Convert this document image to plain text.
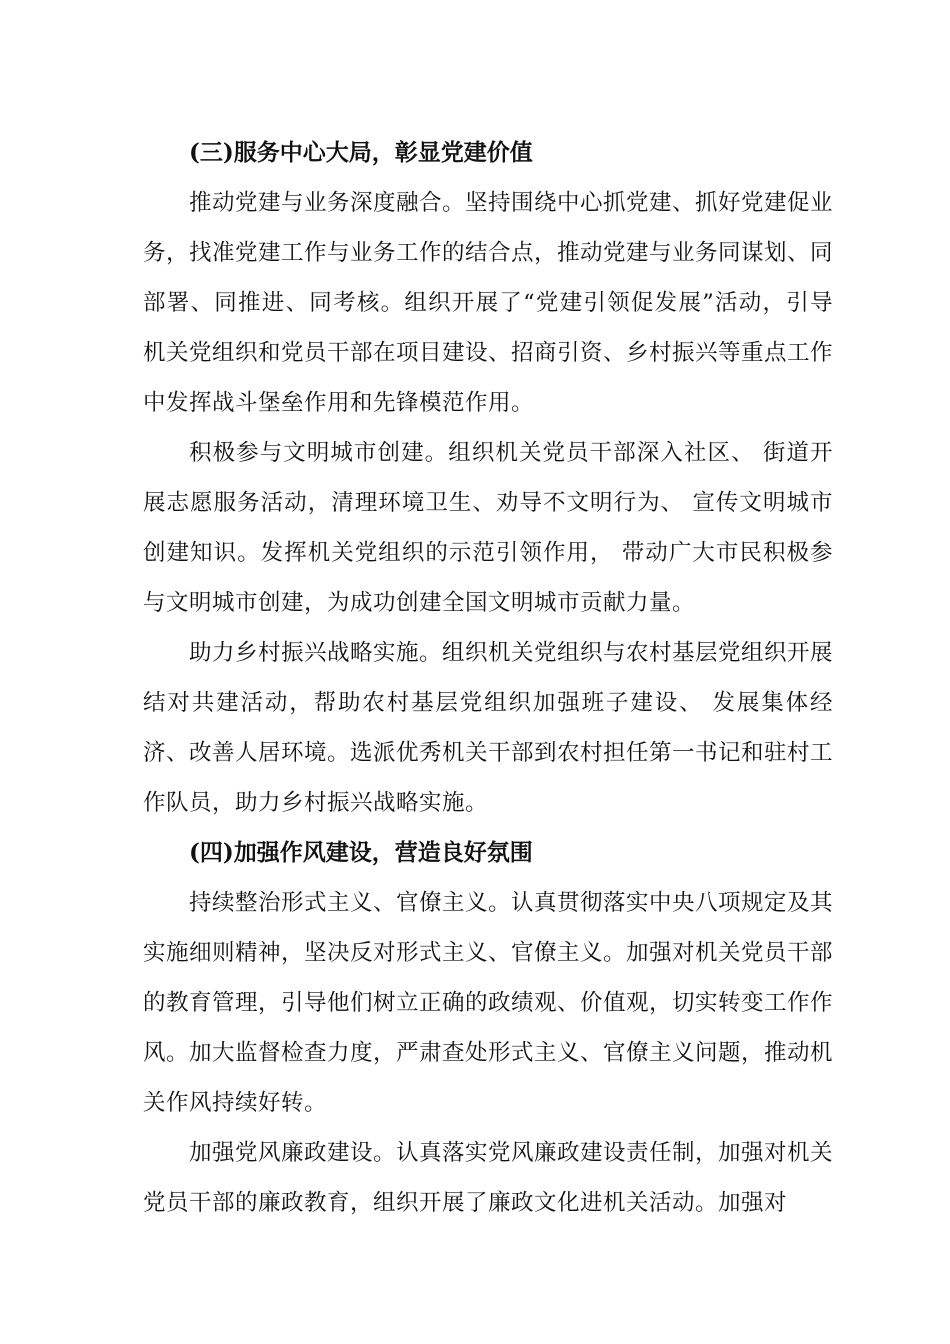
(三)服务中心大局，彰显党建价值

推动党建与业务深度融合。坚持围绕中心抓党建、抓好党建促业务，找准党建工作与业务工作的结合点，推动党建与业务同谋划、同部署、同推进、同考核。组织开展了“党建引领促发展”活动，引导机关党组织和党员干部在项目建设、招商引资、乡村振兴等重点工作中发挥战斗堡垒作用和先锋模范作用。

积极参与文明城市创建。组织机关党员干部深入社区、 街道开展志愿服务活动，清理环境卫生、劝导不文明行为、 宣传文明城市创建知识。发挥机关党组织的示范引领作用， 带动广大市民积极参与文明城市创建，为成功创建全国文明城市贡献力量。

助力乡村振兴战略实施。组织机关党组织与农村基层党组织开展结对共建活动，帮助农村基层党组织加强班子建设、 发展集体经济、改善人居环境。选派优秀机关干部到农村担任第一书记和驻村工作队员，助力乡村振兴战略实施。

(四)加强作风建设，营造良好氛围

持续整治形式主义、官僚主义。认真贯彻落实中央八项规定及其实施细则精神，坚决反对形式主义、官僚主义。加强对机关党员干部的教育管理，引导他们树立正确的政绩观、价值观，切实转变工作作风。加大监督检查力度，严肃查处形式主义、官僚主义问题，推动机关作风持续好转。

加强党风廉政建设。认真落实党风廉政建设责任制，加强对机关党员干部的廉政教育，组织开展了廉政文化进机关活动。加强对
